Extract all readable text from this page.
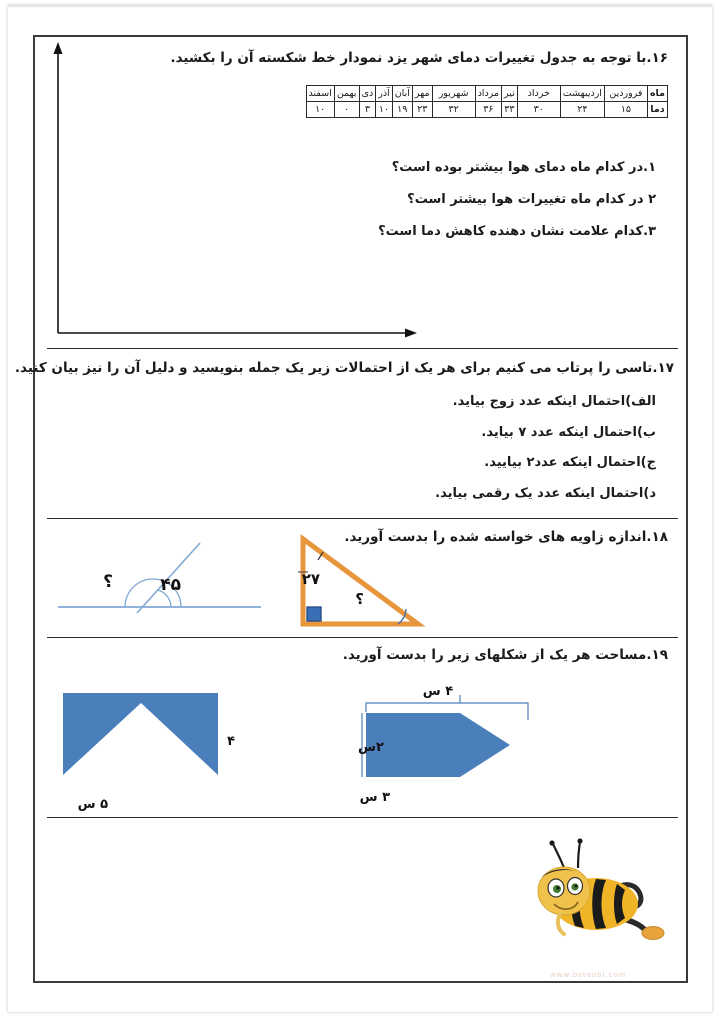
۱۶.با توجه به جدول تغییرات دمای شهر یزد نمودار خط شکسته آن را بکشید.
ماه	فروردین	اردیبهشت	خرداد	تیر	مرداد	شهریور	مهر	آبان	آذر	دی	بهمن	اسفند
دما	۱۵	۲۴	۳۰	۳۳	۳۶	۳۲	۲۳	۱۹	۱۰	۳	۰	۱۰
۱.در کدام ماه دمای هوا بیشتر بوده است؟
۲ در کدام ماه تغییرات هوا بیشتر است؟
۳.کدام علامت نشان دهنده کاهش دما است؟
۱۷.تاسی را پرتاب می کنیم برای هر یک از احتمالات زیر یک جمله بنویسید و دلیل آن را نیز بیان کنید.
الف)احتمال اینکه عدد زوج بیاید.
ب)احتمال اینکه عدد ۷ بیاید.
ج)احتمال اینکه عدد۲ بیایید.
د)احتمال اینکه عدد یک رقمی بیاید.
۱۸.اندازه زاویه های خواسته شده را بدست آورید.
۲۷
؟
؟	۴۵
۱۹.مساحت هر یک از شکلهای زیر را بدست آورید.
۴ س
۲س
۳ س
۴
۵ س
www.bstoobi.com
